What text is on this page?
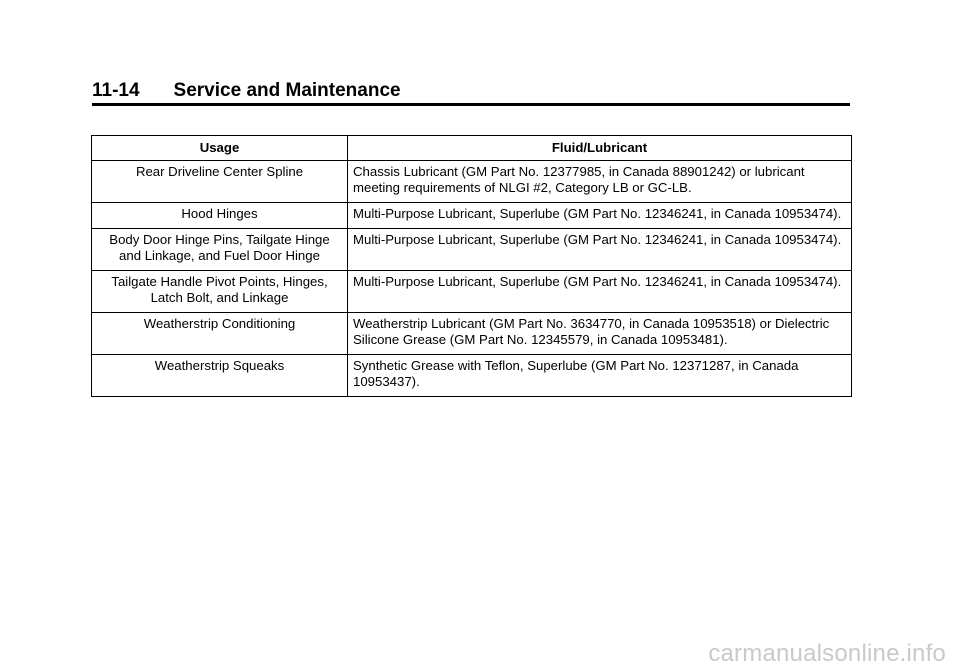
11-14 Service and Maintenance
Usage	Fluid/Lubricant
Rear Driveline Center Spline	Chassis Lubricant (GM Part No. 12377985, in Canada 88901242) or lubricant meeting requirements of NLGI #2, Category LB or GC-LB.
Hood Hinges	Multi-Purpose Lubricant, Superlube (GM Part No. 12346241, in Canada 10953474).
Body Door Hinge Pins, Tailgate Hinge and Linkage, and Fuel Door Hinge	Multi-Purpose Lubricant, Superlube (GM Part No. 12346241, in Canada 10953474).
Tailgate Handle Pivot Points, Hinges, Latch Bolt, and Linkage	Multi-Purpose Lubricant, Superlube (GM Part No. 12346241, in Canada 10953474).
Weatherstrip Conditioning	Weatherstrip Lubricant (GM Part No. 3634770, in Canada 10953518) or Dielectric Silicone Grease (GM Part No. 12345579, in Canada 10953481).
Weatherstrip Squeaks	Synthetic Grease with Teflon, Superlube (GM Part No. 12371287, in Canada 10953437).
carmanualsonline.info
